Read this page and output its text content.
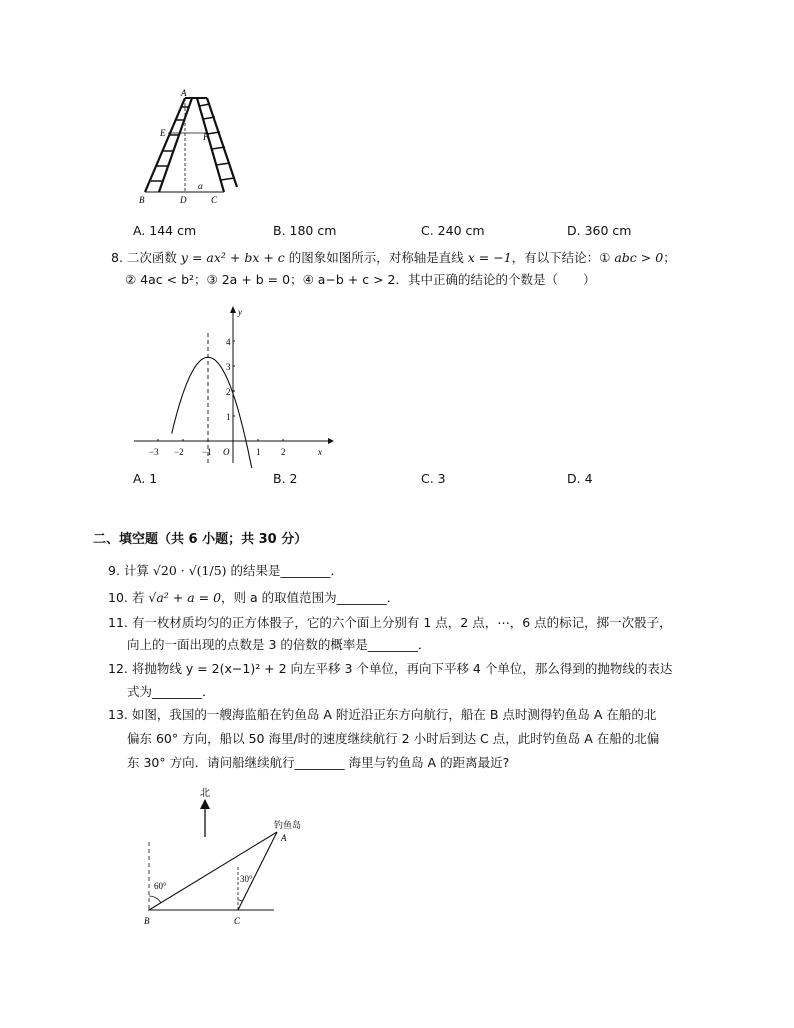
A
E	F
B	D	C
α
A. 144 cm	B. 180 cm	C. 240 cm	D. 360 cm
8. 二次函数 y = ax² + bx + c 的图象如图所示，对称轴是直线 x = −1，有以下结论：① abc > 0；
② 4ac < b²；③ 2a + b = 0；④ a−b + c > 2．其中正确的结论的个数是（　　）
−3 −2 −1 O	1 2
1
2
3
4
x
y
A. 1	B. 2	C. 3	D. 4
二、填空题（共 6 小题；共 30 分）
9. 计算 √20 · √(1/5) 的结果是________．
10. 若 √a² + a = 0，则 a 的取值范围为________．
11. 有一枚材质均匀的正方体骰子，它的六个面上分别有 1 点，2 点，⋯，6 点的标记，掷一次骰子，
向上的一面出现的点数是 3 的倍数的概率是________．
12. 将抛物线 y = 2(x−1)² + 2 向左平移 3 个单位，再向下平移 4 个单位，那么得到的抛物线的表达
式为________．
13. 如图，我国的一艘海监船在钓鱼岛 A 附近沿正东方向航行，船在 B 点时测得钓鱼岛 A 在船的北
偏东 60° 方向，船以 50 海里/时的速度继续航行 2 小时后到达 C 点，此时钓鱼岛 A 在船的北偏
东 30° 方向．请问船继续航行________ 海里与钓鱼岛 A 的距离最近?
北
钓鱼岛
A
B	C
60°
30°
